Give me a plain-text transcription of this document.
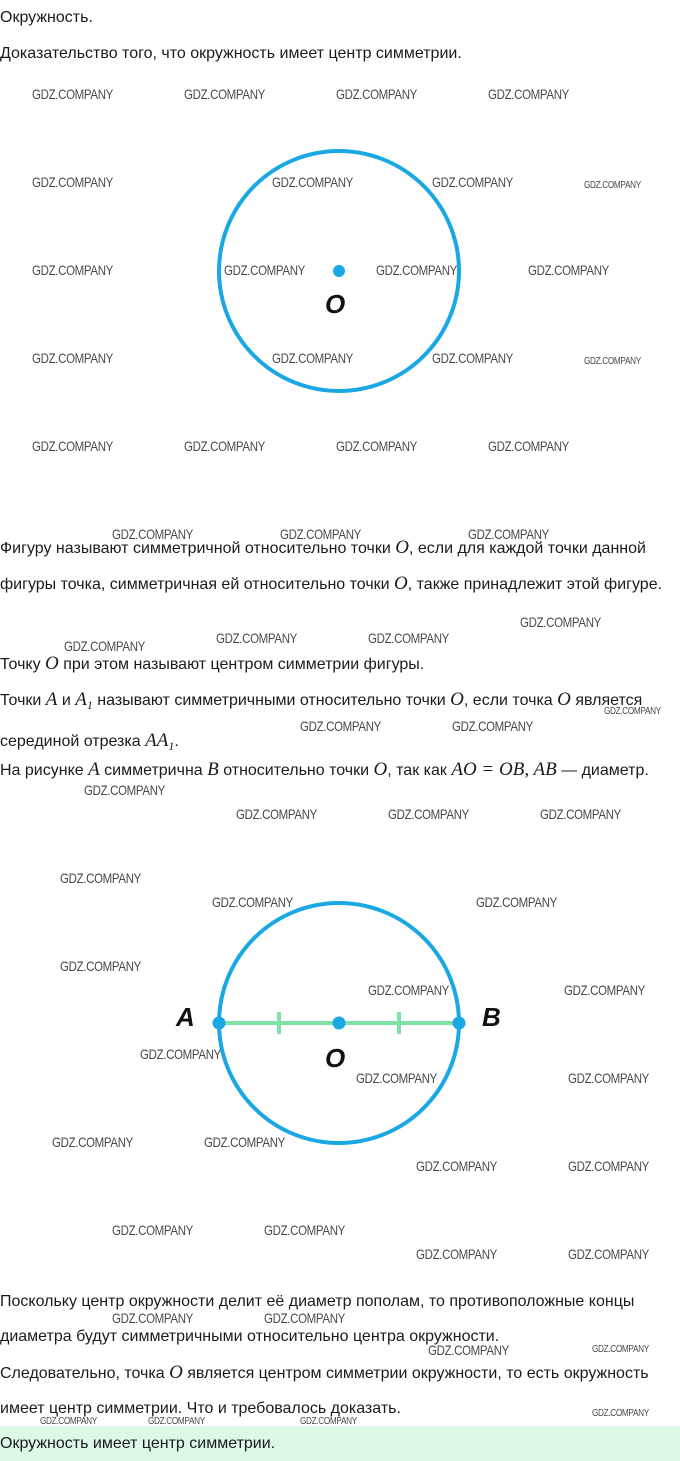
Окружность.

Доказательство того, что окружность имеет центр симметрии.

O

Фигуру называют симметричной относительно точки O, если для каждой точки данной фигуры точка, симметричная ей относительно точки O, также принадлежит этой фигуре.

Точку O при этом называют центром симметрии фигуры.

Точки A и $A_1$ называют симметричными относительно точки O, если точка O является серединой отрезка $AA_1$.

На рисунке A симметрична B относительно точки O, так как AO = OB, AB — диаметр.

A	B
O

Поскольку центр окружности делит её диаметр пополам, то противоположные концы диаметра будут симметричными относительно центра окружности.

Следовательно, точка O является центром симметрии окружности, то есть окружность имеет центр симметрии. Что и требовалось доказать.

Окружность имеет центр симметрии.

GDZ.COMPANY	GDZ.COMPANY	GDZ.COMPANY	GDZ.COMPANY
GDZ.COMPANY	GDZ.COMPANY	GDZ.COMPANY	GDZ.COMPANY
GDZ.COMPANY	GDZ.COMPANY	GDZ.COMPANY	GDZ.COMPANY
GDZ.COMPANY	GDZ.COMPANY	GDZ.COMPANY	GDZ.COMPANY
GDZ.COMPANY	GDZ.COMPANY	GDZ.COMPANY	GDZ.COMPANY
GDZ.COMPANY	GDZ.COMPANY	GDZ.COMPANY
GDZ.COMPANY
GDZ.COMPANY	GDZ.COMPANY
GDZ.COMPANY
GDZ.COMPANY
GDZ.COMPANY	GDZ.COMPANY
GDZ.COMPANY
GDZ.COMPANY	GDZ.COMPANY	GDZ.COMPANY
GDZ.COMPANY
GDZ.COMPANY	GDZ.COMPANY
GDZ.COMPANY
GDZ.COMPANY	GDZ.COMPANY
GDZ.COMPANY
GDZ.COMPANY	GDZ.COMPANY
GDZ.COMPANY	GDZ.COMPANY
GDZ.COMPANY	GDZ.COMPANY
GDZ.COMPANY	GDZ.COMPANY
GDZ.COMPANY	GDZ.COMPANY
GDZ.COMPANY	GDZ.COMPANY
GDZ.COMPANY	GDZ.COMPANY
GDZ.COMPANY	GDZ.COMPANY	GDZ.COMPANY
GDZ.COMPANY
